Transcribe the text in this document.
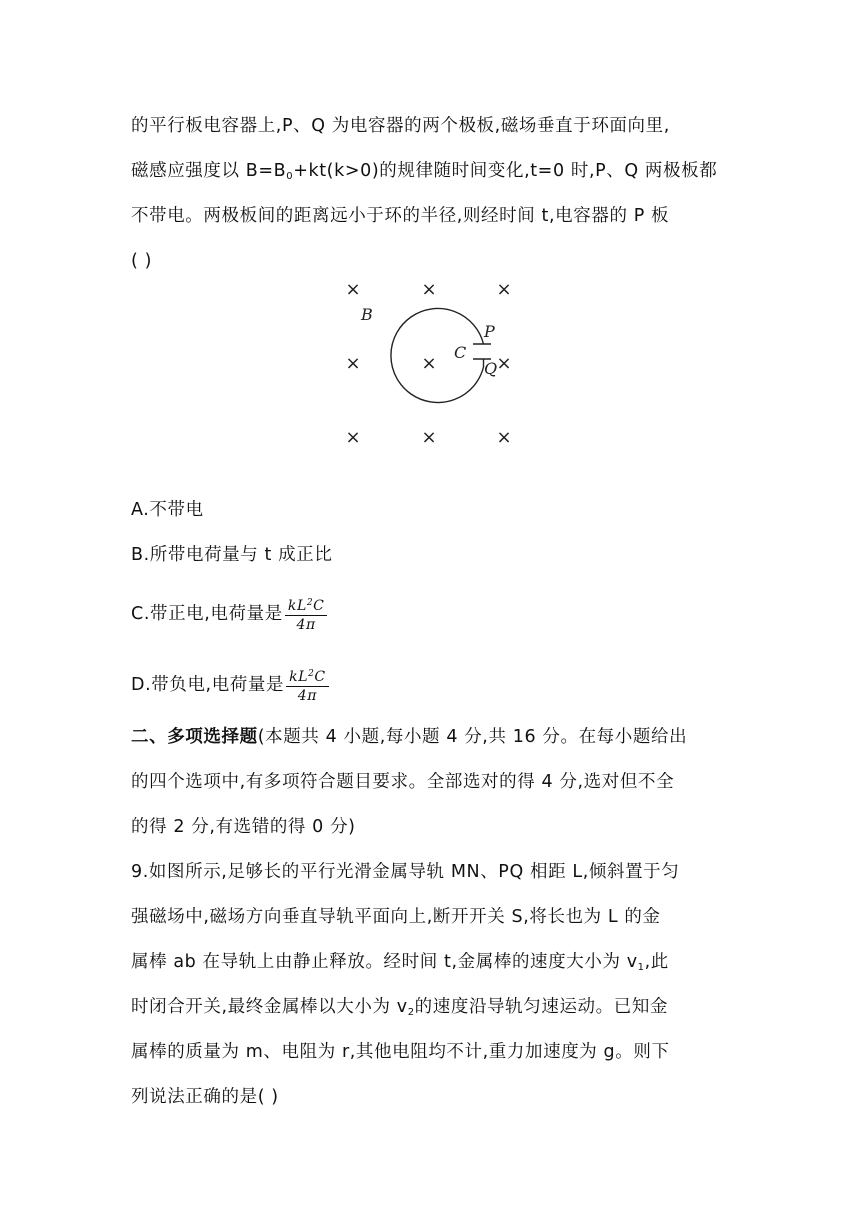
的平行板电容器上,P、Q 为电容器的两个极板,磁场垂直于环面向里,
磁感应强度以 $B=B_0+kt(k>0)$的规律随时间变化,t=0 时,P、Q 两极板都
不带电。两极板间的距离远小于环的半径,则经时间 t,电容器的 P 板
( )
×	×	×
×	×	×
×	×	×
B
C
P
Q
A.不带电
B.所带电荷量与 t 成正比
C.带正电,电荷量是 $\frac{kL^2C}{4\pi}$
D.带负电,电荷量是 $\frac{kL^2C}{4\pi}$
二、多项选择题(本题共 4 小题,每小题 4 分,共 16 分。在每小题给出
的四个选项中,有多项符合题目要求。全部选对的得 4 分,选对但不全
的得 2 分,有选错的得 0 分)
9.如图所示,足够长的平行光滑金属导轨 MN、PQ 相距 L,倾斜置于匀
强磁场中,磁场方向垂直导轨平面向上,断开开关 S,将长也为 L 的金
属棒 ab 在导轨上由静止释放。经时间 t,金属棒的速度大小为 $v_1$,此
时闭合开关,最终金属棒以大小为 $v_2$的速度沿导轨匀速运动。已知金
属棒的质量为 m、电阻为 r,其他电阻均不计,重力加速度为 g。则下
列说法正确的是( )
